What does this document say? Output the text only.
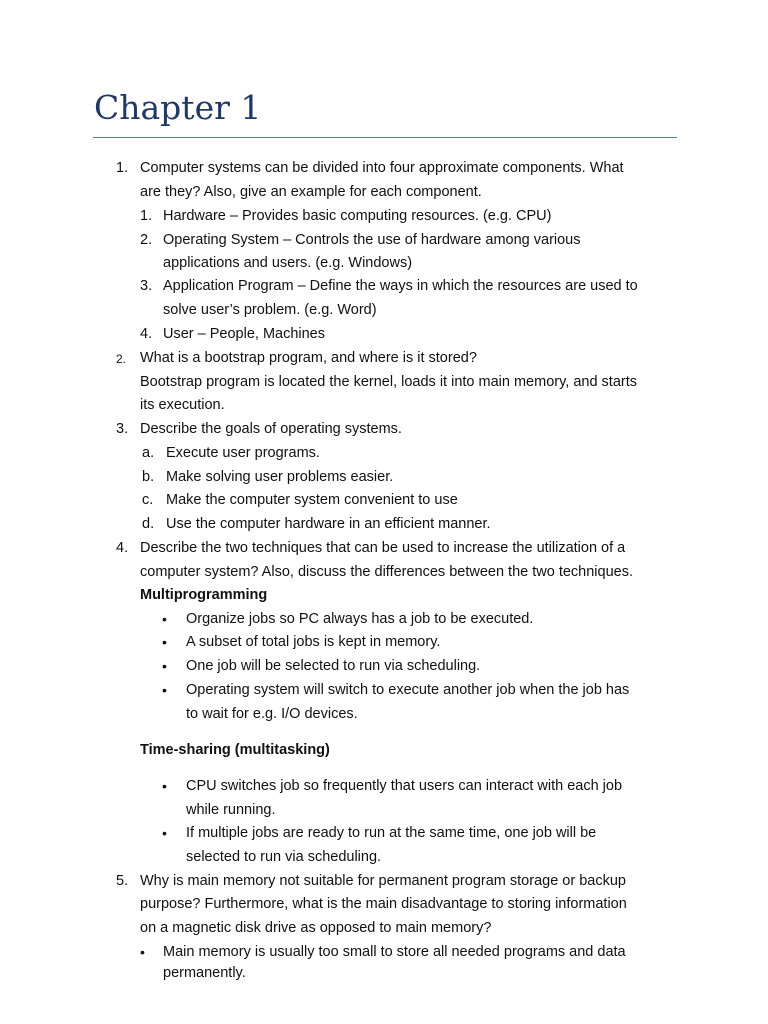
Chapter 1
1. Computer systems can be divided into four approximate components. What
are they? Also, give an example for each component.
1. Hardware – Provides basic computing resources. (e.g. CPU)
2. Operating System – Controls the use of hardware among various
applications and users. (e.g. Windows)
3. Application Program – Define the ways in which the resources are used to
solve user’s problem. (e.g. Word)
4. User – People, Machines
2. What is a bootstrap program, and where is it stored?
Bootstrap program is located the kernel, loads it into main memory, and starts
its execution.
3. Describe the goals of operating systems.
a. Execute user programs.
b. Make solving user problems easier.
c. Make the computer system convenient to use
d. Use the computer hardware in an efficient manner.
4. Describe the two techniques that can be used to increase the utilization of a
computer system? Also, discuss the differences between the two techniques.
Multiprogramming
• Organize jobs so PC always has a job to be executed.
• A subset of total jobs is kept in memory.
• One job will be selected to run via scheduling.
• Operating system will switch to execute another job when the job has
to wait for e.g. I/O devices.
Time-sharing (multitasking)
• CPU switches job so frequently that users can interact with each job
while running.
• If multiple jobs are ready to run at the same time, one job will be
selected to run via scheduling.
5. Why is main memory not suitable for permanent program storage or backup
purpose? Furthermore, what is the main disadvantage to storing information
on a magnetic disk drive as opposed to main memory?
• Main memory is usually too small to store all needed programs and data
permanently.
